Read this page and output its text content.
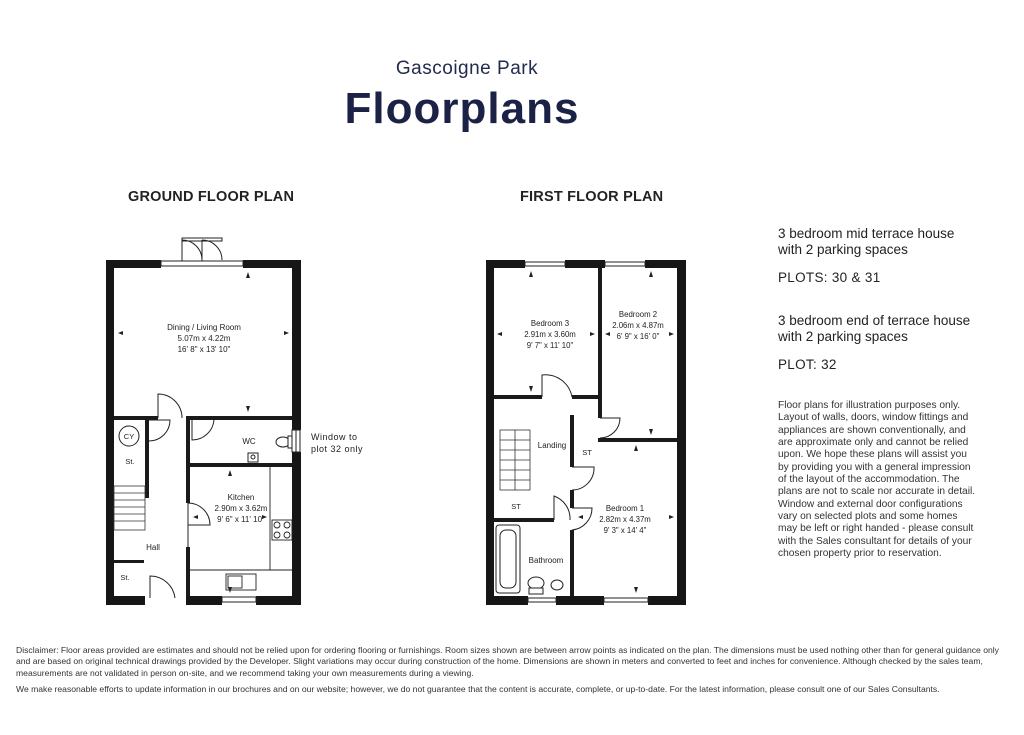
Gascoigne Park
Floorplans
GROUND FLOOR PLAN	FIRST FLOOR PLAN
Dining / Living Room
5.07m x 4.22m
16' 8" x 13' 10"
Kitchen
2.90m x 3.62m
9' 6" x 11' 10"
WC
CY
St.
St.
Hall
Window to
plot 32 only
Bedroom 3
2.91m x 3.60m
9' 7" x 11' 10"
Bedroom 2
2.06m x 4.87m
6' 9" x 16' 0"
Bedroom 1
2.82m x 4.37m
9' 3" x 14' 4"
Landing
Bathroom
ST
ST
3 bedroom mid terrace house
with 2 parking spaces
PLOTS: 30 & 31
3 bedroom end of terrace house
with 2 parking spaces
PLOT: 32
Floor plans for illustration purposes only. Layout of walls, doors, window fittings and appliances are shown conventionally, and are approximate only and cannot be relied upon. We hope these plans will assist you by providing you with a general impression of the layout of the accommodation. The plans are not to scale nor accurate in detail. Window and external door configurations vary on selected plots and some homes may be left or right handed - please consult with the Sales consultant for details of your chosen property prior to reservation.
Disclaimer: Floor areas provided are estimates and should not be relied upon for ordering flooring or furnishings. Room sizes shown are between arrow points as indicated on the plan. The dimensions must be used nothing other than for general guidance only and are based on original technical drawings provided by the Developer. Slight variations may occur during construction of the home. Dimensions are shown in meters and converted to feet and inches for convenience. Although checked by the sales team, measurements are not validated in person on-site, and we recommend taking your own measurements during a viewing.
We make reasonable efforts to update information in our brochures and on our website; however, we do not guarantee that the content is accurate, complete, or up-to-date. For the latest information, please consult one of our Sales Consultants.
